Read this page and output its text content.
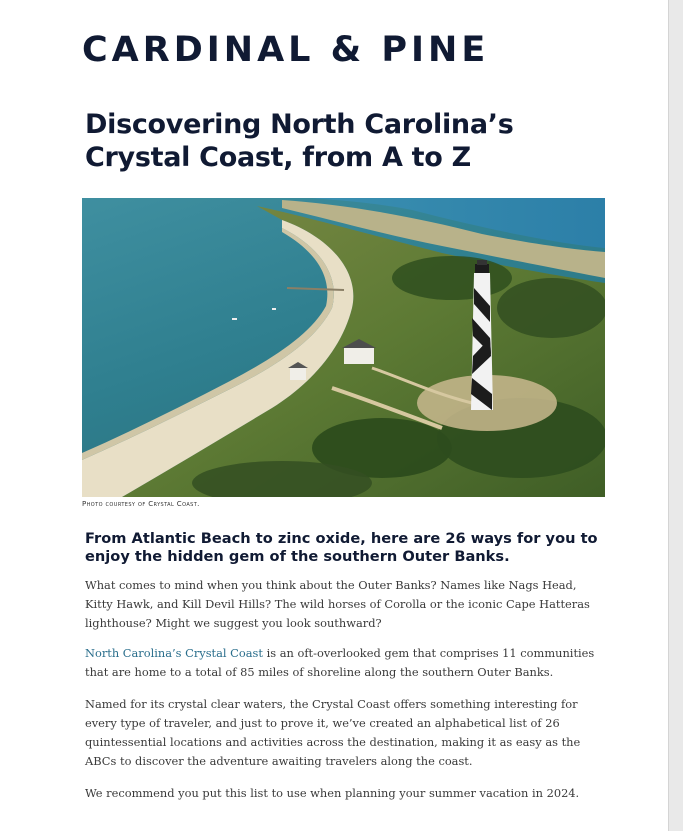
CARDINAL & PINE
Discovering North Carolina’s Crystal Coast, from A to Z
Photo courtesy of Crystal Coast.
From Atlantic Beach to zinc oxide, here are 26 ways for you to enjoy the hidden gem of the southern Outer Banks.

What comes to mind when you think about the Outer Banks? Names like Nags Head, Kitty Hawk, and Kill Devil Hills? The wild horses of Corolla or the iconic Cape Hatteras lighthouse? Might we suggest you look southward?

North Carolina’s Crystal Coast is an oft-overlooked gem that comprises 11 communities that are home to a total of 85 miles of shoreline along the southern Outer Banks.

Named for its crystal clear waters, the Crystal Coast offers something interesting for every type of traveler, and just to prove it, we’ve created an alphabetical list of 26 quintessential locations and activities across the destination, making it as easy as the ABCs to discover the adventure awaiting travelers along the coast.

We recommend you put this list to use when planning your summer vacation in 2024.
